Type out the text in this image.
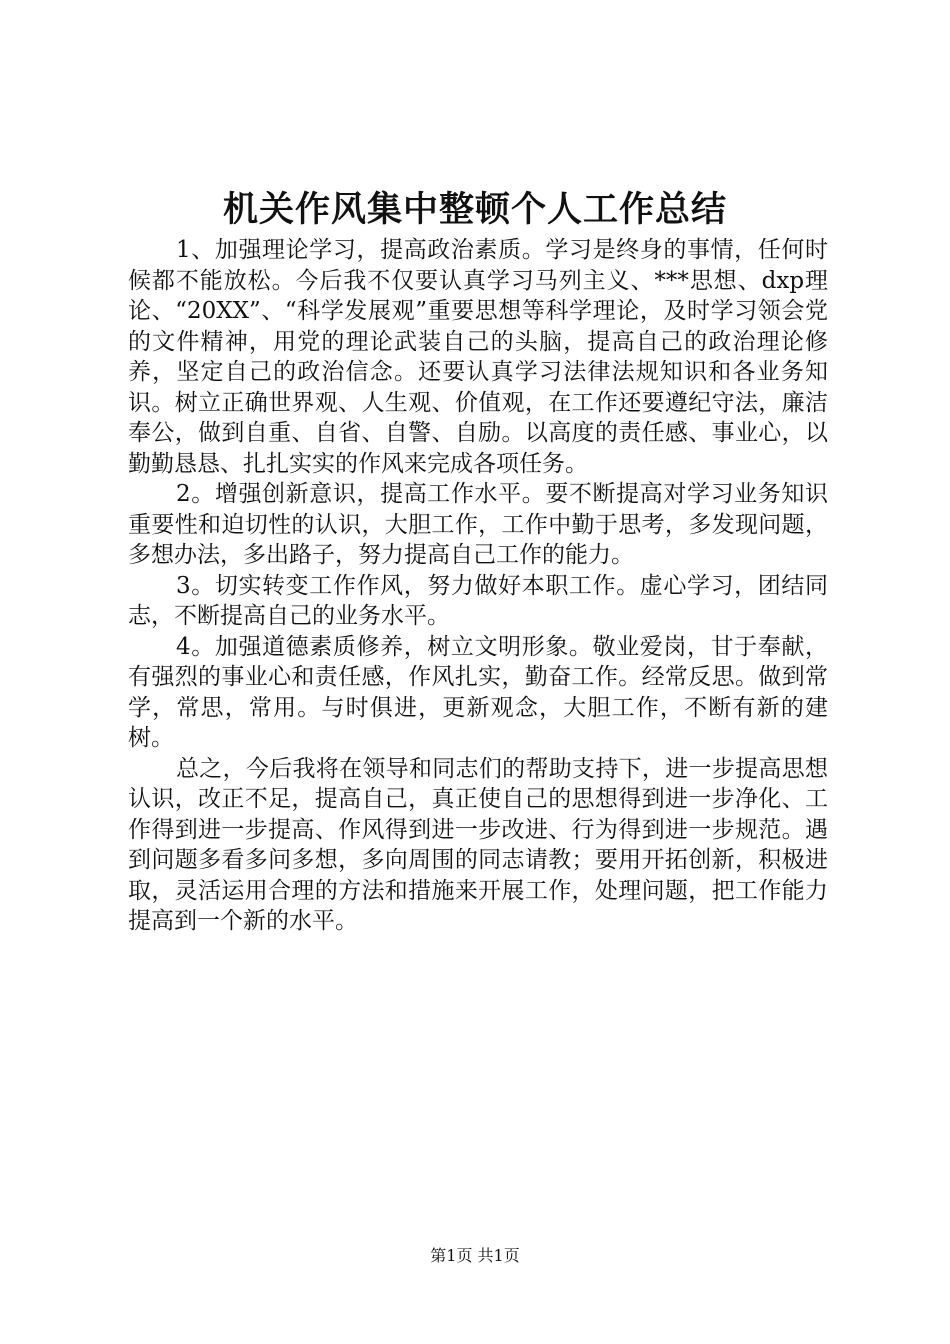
机关作风集中整顿个人工作总结

1、加强理论学习，提高政治素质。学习是终身的事情，任何时候都不能放松。今后我不仅要认真学习马列主义、***思想、dxp理论、“20XX”、“科学发展观”重要思想等科学理论，及时学习领会党的文件精神，用党的理论武装自己的头脑，提高自己的政治理论修养，坚定自己的政治信念。还要认真学习法律法规知识和各业务知识。树立正确世界观、人生观、价值观，在工作还要遵纪守法，廉洁奉公，做到自重、自省、自警、自励。以高度的责任感、事业心，以勤勤恳恳、扎扎实实的作风来完成各项任务。

2。增强创新意识，提高工作水平。要不断提高对学习业务知识重要性和迫切性的认识，大胆工作，工作中勤于思考，多发现问题，多想办法，多出路子，努力提高自己工作的能力。

3。切实转变工作作风，努力做好本职工作。虚心学习，团结同志，不断提高自己的业务水平。

4。加强道德素质修养，树立文明形象。敬业爱岗，甘于奉献，有强烈的事业心和责任感，作风扎实，勤奋工作。经常反思。做到常学，常思，常用。与时俱进，更新观念，大胆工作，不断有新的建树。

总之，今后我将在领导和同志们的帮助支持下，进一步提高思想认识，改正不足，提高自己，真正使自己的思想得到进一步净化、工作得到进一步提高、作风得到进一步改进、行为得到进一步规范。遇到问题多看多问多想，多向周围的同志请教；要用开拓创新，积极进取，灵活运用合理的方法和措施来开展工作，处理问题，把工作能力提高到一个新的水平。

第1页 共1页
